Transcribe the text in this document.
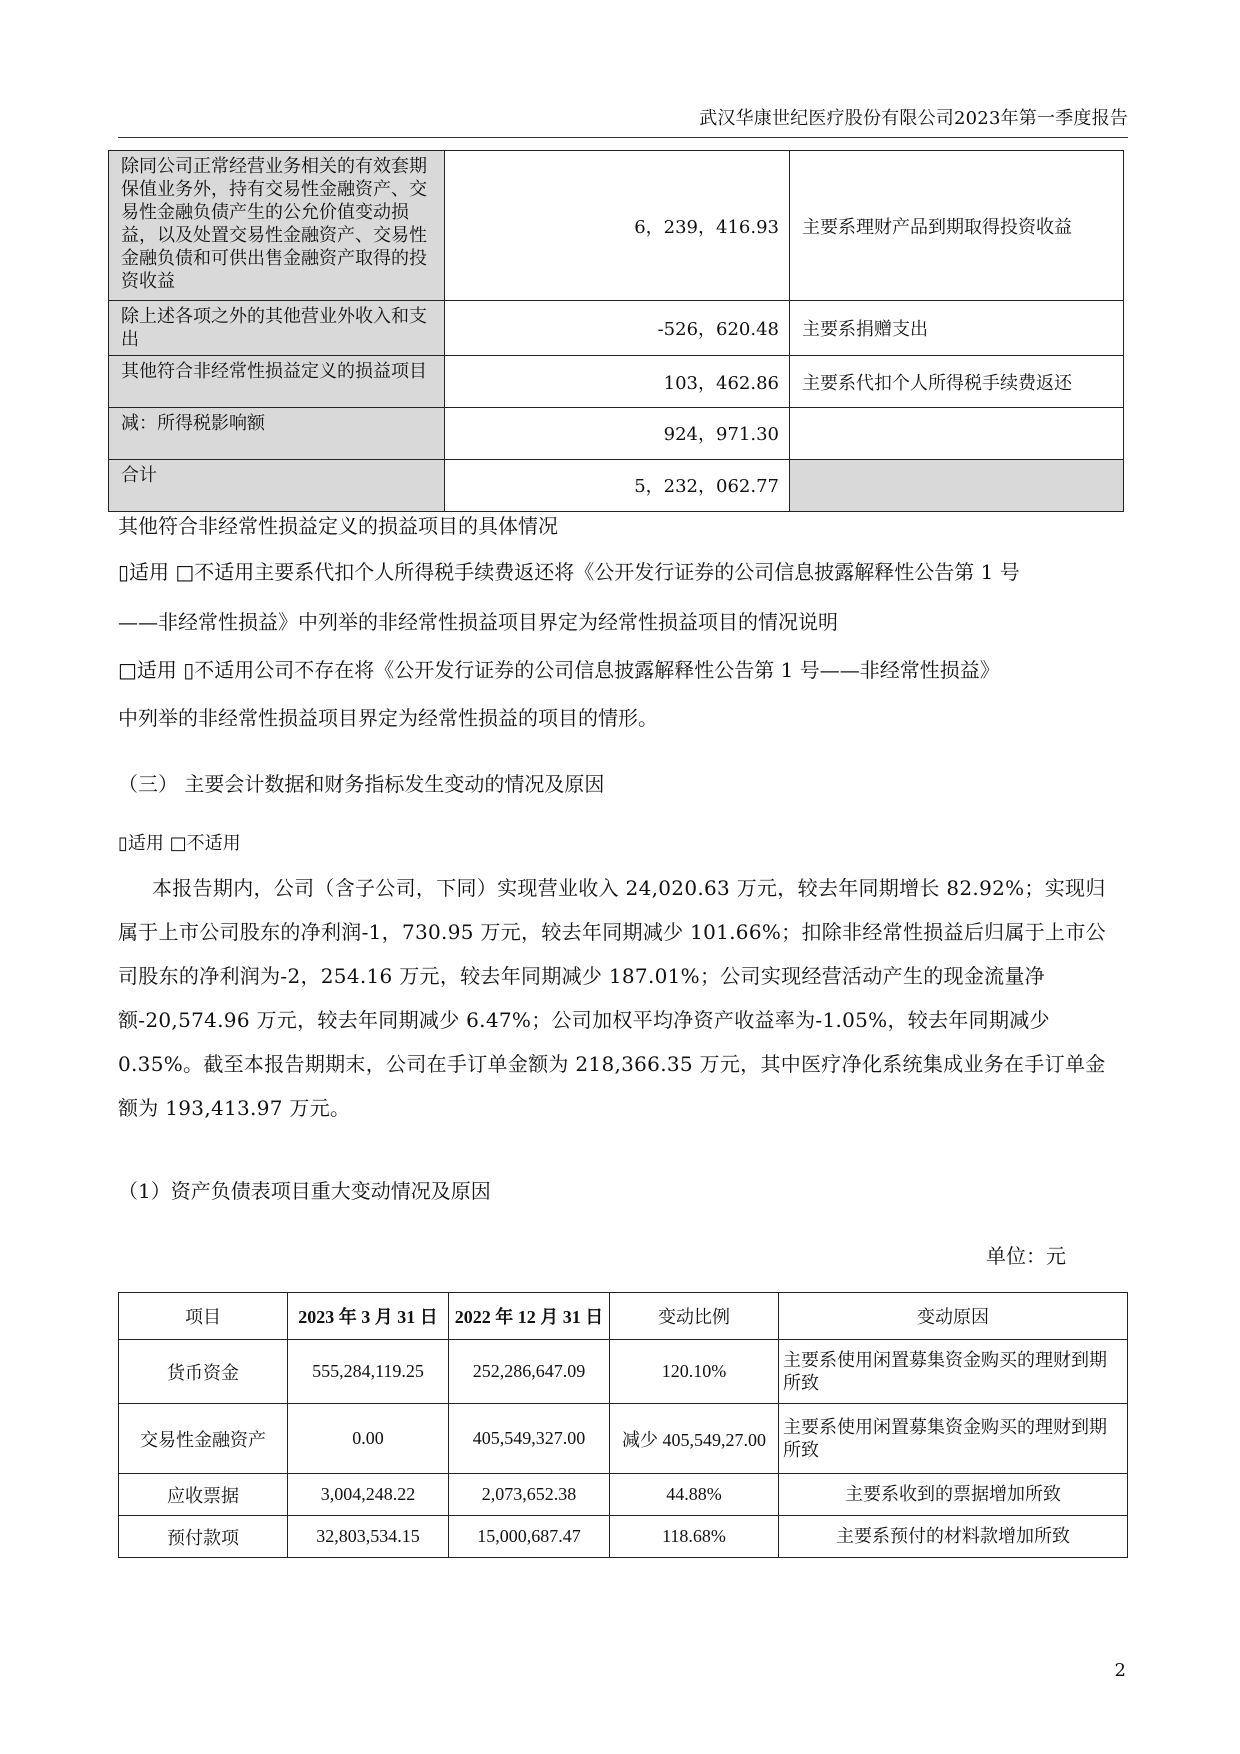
武汉华康世纪医疗股份有限公司2023年第一季度报告
除同公司正常经营业务相关的有效套期保值业务外，持有交易性金融资产、交易性金融负债产生的公允价值变动损益，以及处置交易性金融资产、交易性金融负债和可供出售金融资产取得的投资收益	6，239，416.93	主要系理财产品到期取得投资收益
除上述各项之外的其他营业外收入和支出	-526，620.48	主要系捐赠支出
其他符合非经常性损益定义的损益项目	103，462.86	主要系代扣个人所得税手续费返还
减：所得税影响额	924，971.30	
合计	5，232，062.77	

其他符合非经常性损益定义的损益项目的具体情况

▯适用 □不适用主要系代扣个人所得税手续费返还将《公开发行证券的公司信息披露解释性公告第 1 号

——非经常性损益》中列举的非经常性损益项目界定为经常性损益项目的情况说明

□适用 ▯不适用公司不存在将《公开发行证券的公司信息披露解释性公告第 1 号——非经常性损益》

中列举的非经常性损益项目界定为经常性损益的项目的情形。

（三） 主要会计数据和财务指标发生变动的情况及原因

▯适用 □不适用

本报告期内，公司（含子公司，下同）实现营业收入 24,020.63 万元，较去年同期增长 82.92%；实现归属于上市公司股东的净利润-1，730.95 万元，较去年同期减少 101.66%；扣除非经常性损益后归属于上市公司股东的净利润为-2，254.16 万元，较去年同期减少 187.01%；公司实现经营活动产生的现金流量净额-20,574.96 万元，较去年同期减少 6.47%；公司加权平均净资产收益率为-1.05%，较去年同期减少 0.35%。截至本报告期期末，公司在手订单金额为 218,366.35 万元，其中医疗净化系统集成业务在手订单金额为 193,413.97 万元。

（1）资产负债表项目重大变动情况及原因

单位：元
项目	2023 年 3 月 31 日	2022 年 12 月 31 日	变动比例	变动原因
货币资金	555,284,119.25	252,286,647.09	120.10%	主要系使用闲置募集资金购买的理财到期所致
交易性金融资产	0.00	405,549,327.00	减少 405,549,27.00	主要系使用闲置募集资金购买的理财到期所致
应收票据	3,004,248.22	2,073,652.38	44.88%	主要系收到的票据增加所致
预付款项	32,803,534.15	15,000,687.47	118.68%	主要系预付的材料款增加所致
2
